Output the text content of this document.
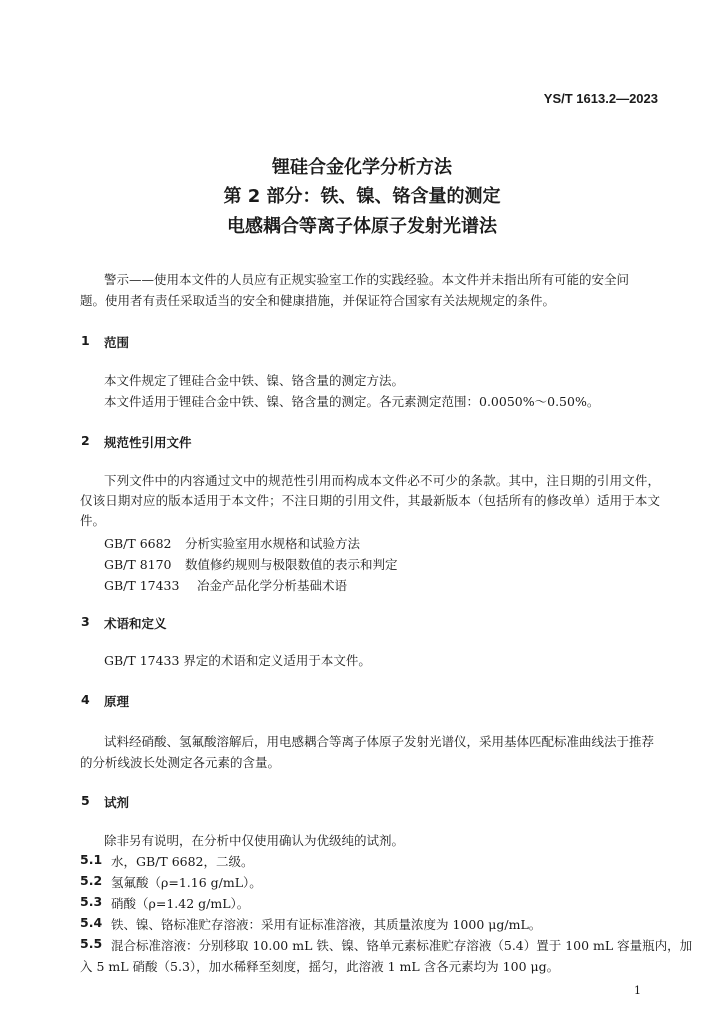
YS/T 1613.2—2023
锂硅合金化学分析方法
第 2 部分：铁、镍、铬含量的测定
电感耦合等离子体原子发射光谱法
警示——使用本文件的人员应有正规实验室工作的实践经验。本文件并未指出所有可能的安全问
题。使用者有责任采取适当的安全和健康措施，并保证符合国家有关法规规定的条件。
1 范围
本文件规定了锂硅合金中铁、镍、铬含量的测定方法。
本文件适用于锂硅合金中铁、镍、铬含量的测定。各元素测定范围：0.0050%～0.50%。
2 规范性引用文件
下列文件中的内容通过文中的规范性引用而构成本文件必不可少的条款。其中，注日期的引用文件，仅该日期对应的版本适用于本文件；不注日期的引用文件，其最新版本（包括所有的修改单）适用于本文件。
GB/T 6682 分析实验室用水规格和试验方法
GB/T 8170 数值修约规则与极限数值的表示和判定
GB/T 17433 冶金产品化学分析基础术语
3 术语和定义
GB/T 17433 界定的术语和定义适用于本文件。
4 原理
试料经硝酸、氢氟酸溶解后，用电感耦合等离子体原子发射光谱仪，采用基体匹配标准曲线法于推荐
的分析线波长处测定各元素的含量。
5 试剂
除非另有说明，在分析中仅使用确认为优级纯的试剂。
5.1 水，GB/T 6682，二级。
5.2 氢氟酸（ρ=1.16 g/mL）。
5.3 硝酸（ρ=1.42 g/mL）。
5.4 铁、镍、铬标准贮存溶液：采用有证标准溶液，其质量浓度为 1000 μg/mL。
5.5 混合标准溶液：分别移取 10.00 mL 铁、镍、铬单元素标准贮存溶液（5.4）置于 100 mL 容量瓶内，加
入 5 mL 硝酸（5.3），加水稀释至刻度，摇匀，此溶液 1 mL 含各元素均为 100 μg。
1
